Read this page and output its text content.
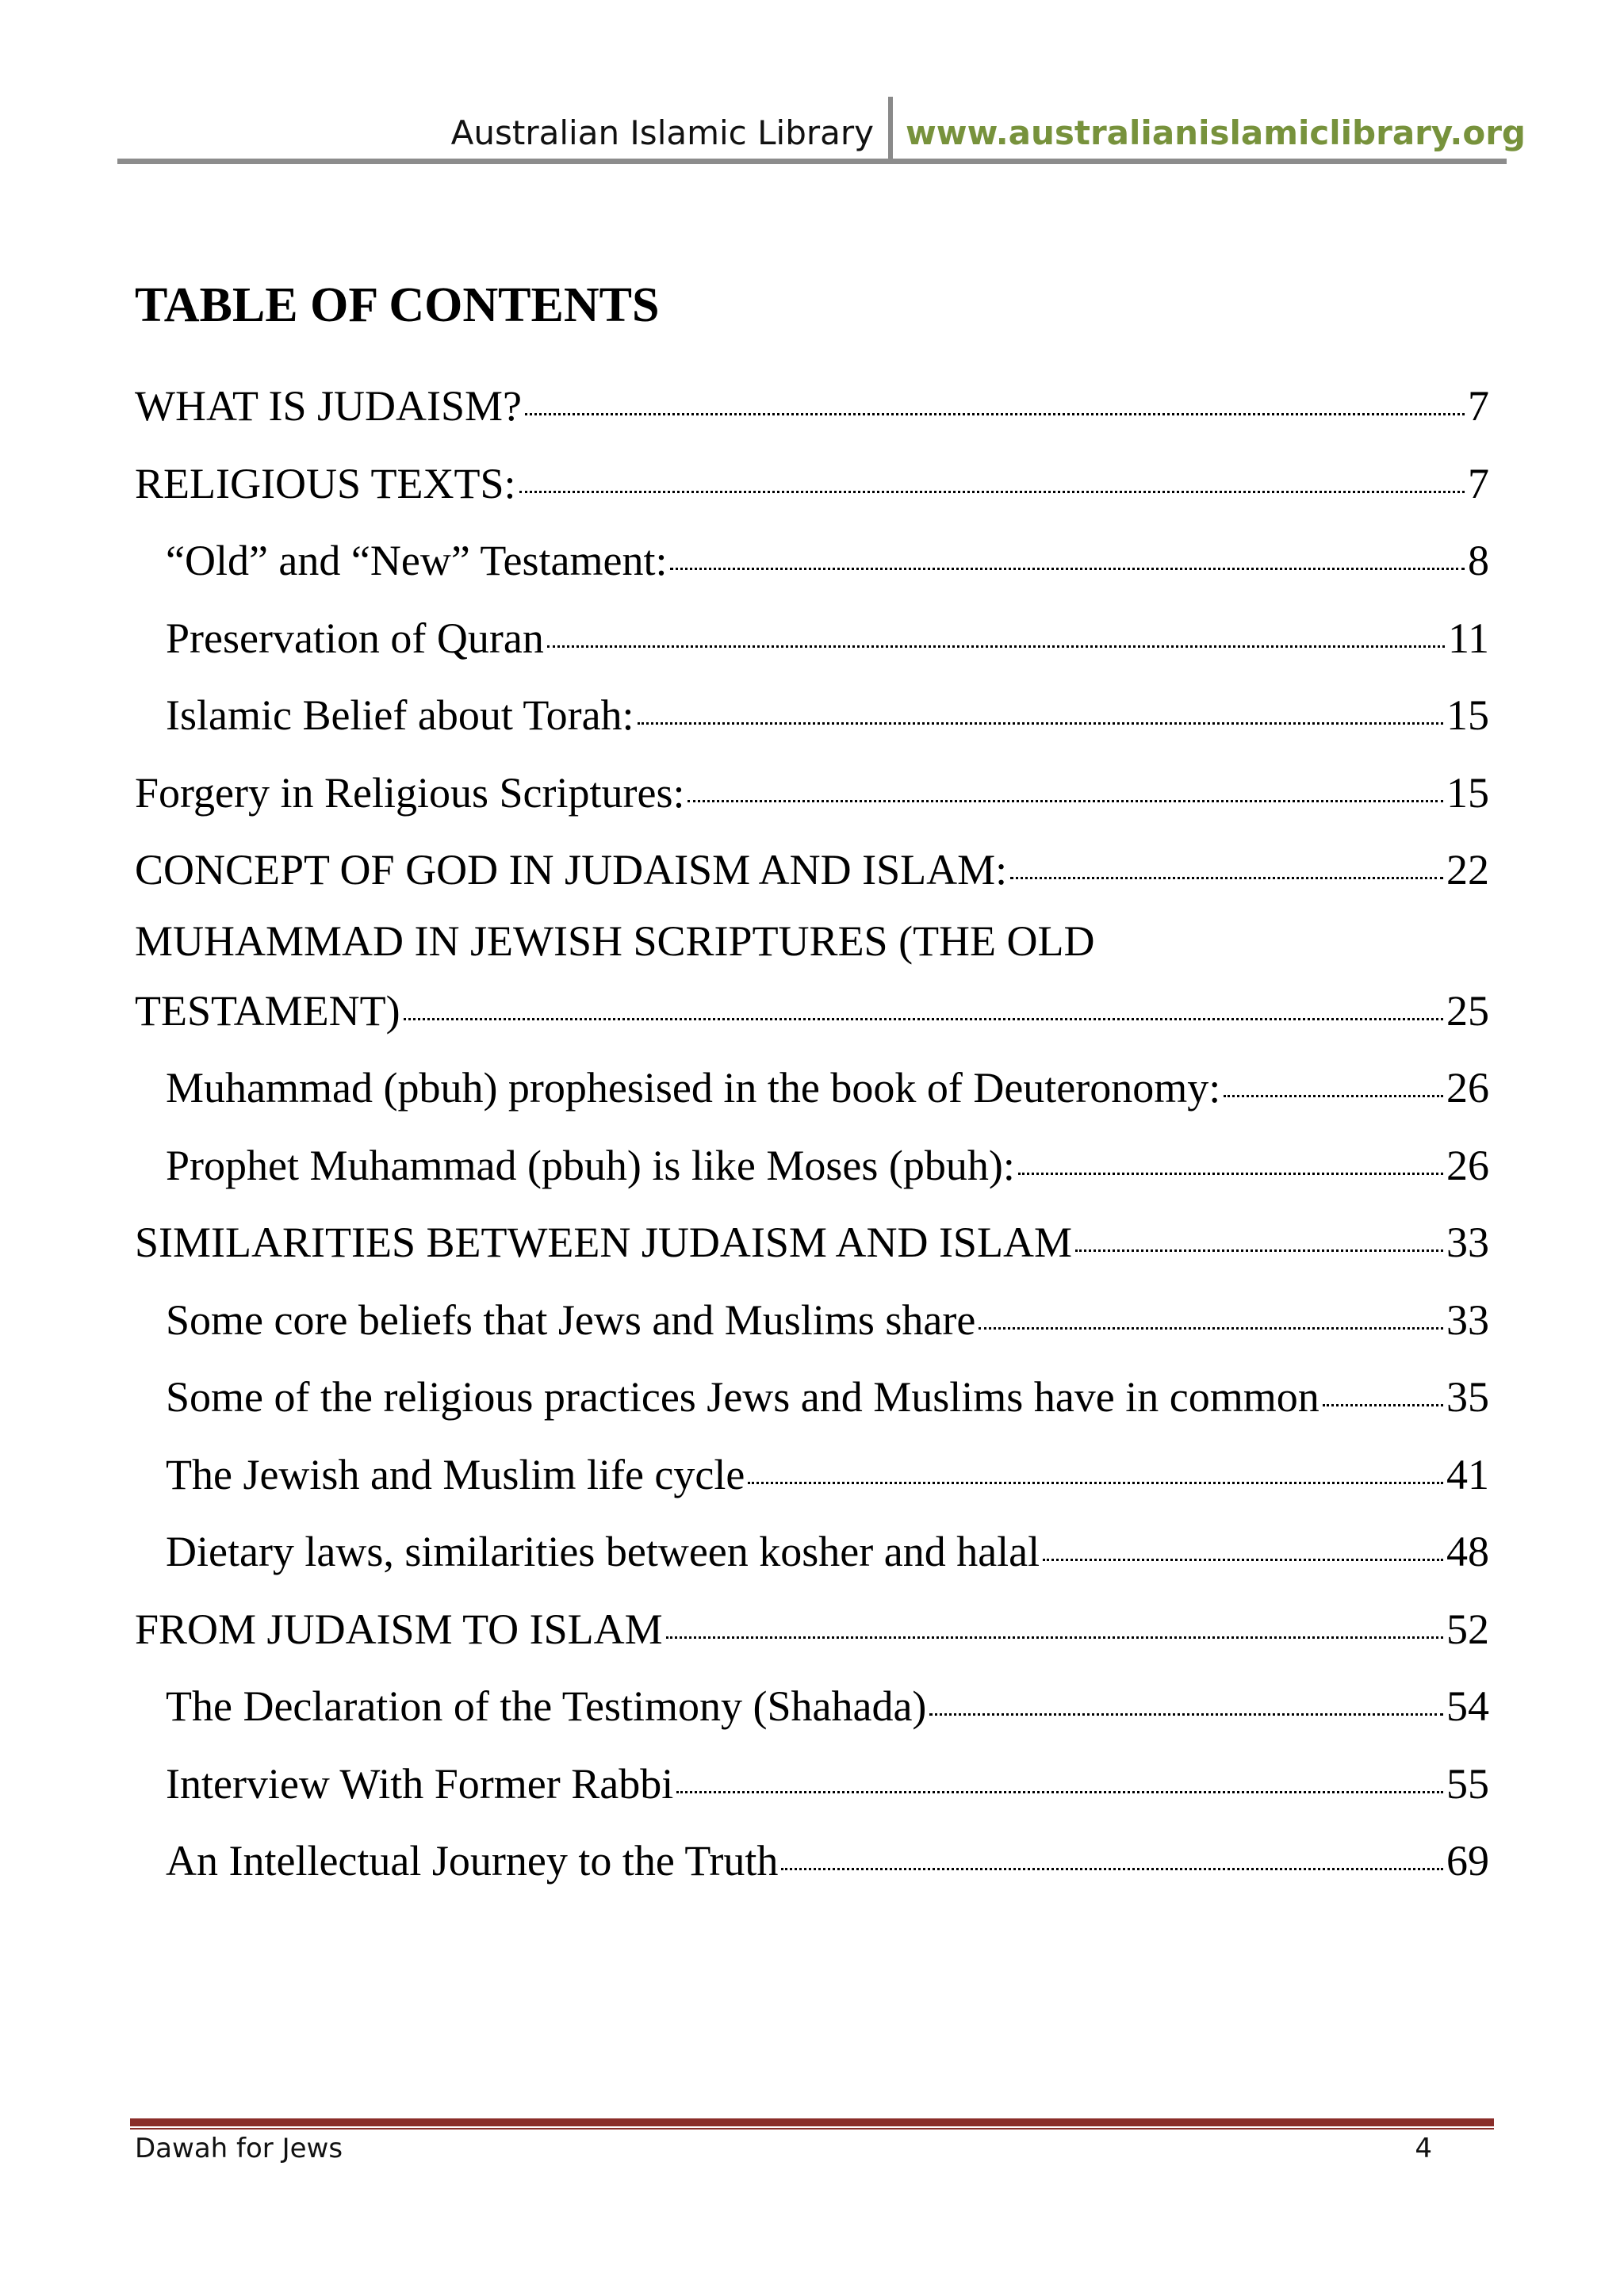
Australian Islamic Library www.australianislamiclibrary.org
TABLE OF CONTENTS
WHAT IS JUDAISM?	7
RELIGIOUS TEXTS:	7
“Old” and “New” Testament:	8
Preservation of Quran	11
Islamic Belief about Torah:	15
Forgery in Religious Scriptures:	15
CONCEPT OF GOD IN JUDAISM AND ISLAM:	22
MUHAMMAD IN JEWISH SCRIPTURES (THE OLD
TESTAMENT)	25
Muhammad (pbuh) prophesised in the book of Deuteronomy:	26
Prophet Muhammad (pbuh) is like Moses (pbuh):	26
SIMILARITIES BETWEEN JUDAISM AND ISLAM	33
Some core beliefs that Jews and Muslims share	33
Some of the religious practices Jews and Muslims have in common	35
The Jewish and Muslim life cycle	41
Dietary laws, similarities between kosher and halal	48
FROM JUDAISM TO ISLAM	52
The Declaration of the Testimony (Shahada)	54
Interview With Former Rabbi	55
An Intellectual Journey to the Truth	69
Dawah for Jews	4
